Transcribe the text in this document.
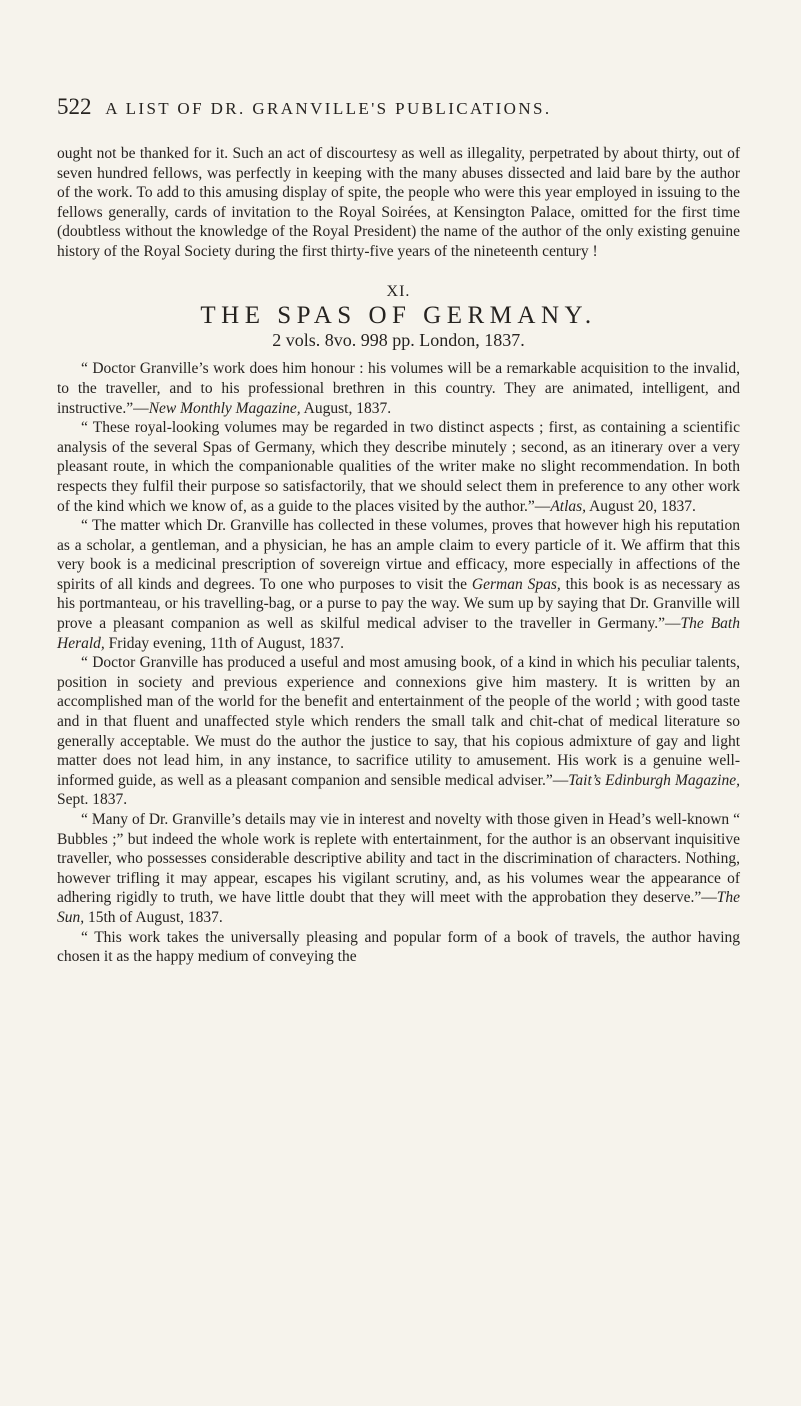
522 A LIST OF DR. GRANVILLE'S PUBLICATIONS.

ought not be thanked for it. Such an act of discourtesy as well as illegality, perpetrated by about thirty, out of seven hundred fellows, was perfectly in keeping with the many abuses dissected and laid bare by the author of the work. To add to this amusing display of spite, the people who were this year employed in issuing to the fellows generally, cards of invitation to the Royal Soirées, at Kensington Palace, omitted for the first time (doubtless without the knowledge of the Royal President) the name of the author of the only existing genuine history of the Royal Society during the first thirty-five years of the nineteenth century !

XI.
THE SPAS OF GERMANY.
2 vols. 8vo. 998 pp. London, 1837.

“ Doctor Granville’s work does him honour : his volumes will be a remarkable acquisition to the invalid, to the traveller, and to his professional brethren in this country. They are animated, intelligent, and instructive.”—New Monthly Magazine, August, 1837.

“ These royal-looking volumes may be regarded in two distinct aspects ; first, as containing a scientific analysis of the several Spas of Germany, which they describe minutely ; second, as an itinerary over a very pleasant route, in which the companionable qualities of the writer make no slight recommendation. In both respects they fulfil their purpose so satisfactorily, that we should select them in preference to any other work of the kind which we know of, as a guide to the places visited by the author.”—Atlas, August 20, 1837.

“ The matter which Dr. Granville has collected in these volumes, proves that however high his reputation as a scholar, a gentleman, and a physician, he has an ample claim to every particle of it. We affirm that this very book is a medicinal prescription of sovereign virtue and efficacy, more especially in affections of the spirits of all kinds and degrees. To one who purposes to visit the German Spas, this book is as necessary as his portmanteau, or his travelling-bag, or a purse to pay the way. We sum up by saying that Dr. Granville will prove a pleasant companion as well as skilful medical adviser to the traveller in Germany.”—The Bath Herald, Friday evening, 11th of August, 1837.

“ Doctor Granville has produced a useful and most amusing book, of a kind in which his peculiar talents, position in society and previous experience and connexions give him mastery. It is written by an accomplished man of the world for the benefit and entertainment of the people of the world ; with good taste and in that fluent and unaffected style which renders the small talk and chit-chat of medical literature so generally acceptable. We must do the author the justice to say, that his copious admixture of gay and light matter does not lead him, in any instance, to sacrifice utility to amusement. His work is a genuine well-informed guide, as well as a pleasant companion and sensible medical adviser.”—Tait’s Edinburgh Magazine, Sept. 1837.

“ Many of Dr. Granville’s details may vie in interest and novelty with those given in Head’s well-known “ Bubbles ;” but indeed the whole work is replete with entertainment, for the author is an observant inquisitive traveller, who possesses considerable descriptive ability and tact in the discrimination of characters. Nothing, however trifling it may appear, escapes his vigilant scrutiny, and, as his volumes wear the appearance of adhering rigidly to truth, we have little doubt that they will meet with the approbation they deserve.”—The Sun, 15th of August, 1837.

“ This work takes the universally pleasing and popular form of a book of travels, the author having chosen it as the happy medium of conveying the
